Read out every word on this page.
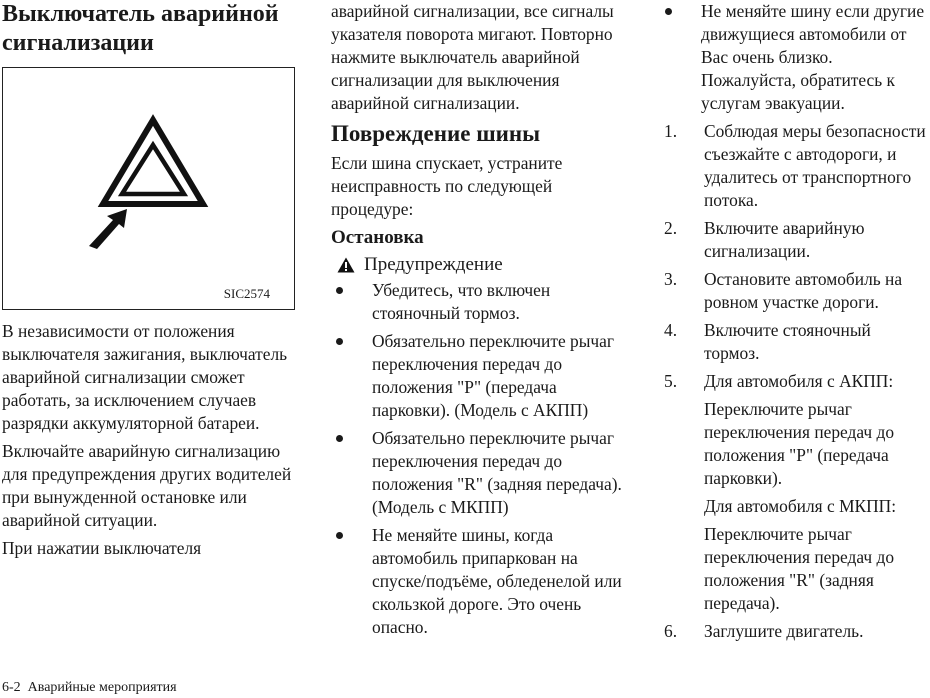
Выключатель аварийной сигнализации
SIC2574

В независимости от положения выключателя зажигания, выключатель аварийной сигнализации сможет работать, за исключением случаев разрядки аккумуляторной батареи.

Включайте аварийную сигнализацию для предупреждения других водителей при вынужденной остановке или аварийной ситуации.

При нажатии выключателя

аварийной сигнализации, все сигналы указателя поворота мигают. Повторно нажмите выключатель аварийной сигнализации для выключения аварийной сигнализации.

Повреждение шины

Если шина спускает, устраните неисправность по следующей процедуре:

Остановка
Предупреждение
Убедитесь, что включен стояночный тормоз.
Обязательно переключите рычаг переключения передач до положения "P" (передача парковки). (Модель с АКПП)
Обязательно переключите рычаг переключения передач до положения "R" (задняя передача). (Модель с МКПП)
Не меняйте шины, когда автомобиль припаркован на спуске/подъёме, обледенелой или скользкой дороге. Это очень опасно.
Не меняйте шину если другие движущиеся автомобили от Вас очень близко. Пожалуйста, обратитесь к услугам эвакуации.
1. Соблюдая меры безопасности съезжайте с автодороги, и удалитесь от транспортного потока.
2. Включите аварийную сигнализации.
3. Остановите автомобиль на ровном участке дороги.
4. Включите стояночный тормоз.
5. Для автомобиля с АКПП:
Переключите рычаг переключения передач до положения "P" (передача парковки).
Для автомобиля с МКПП:
Переключите рычаг переключения передач до положения "R" (задняя передача).
6. Заглушите двигатель.
6-2  Аварийные мероприятия
